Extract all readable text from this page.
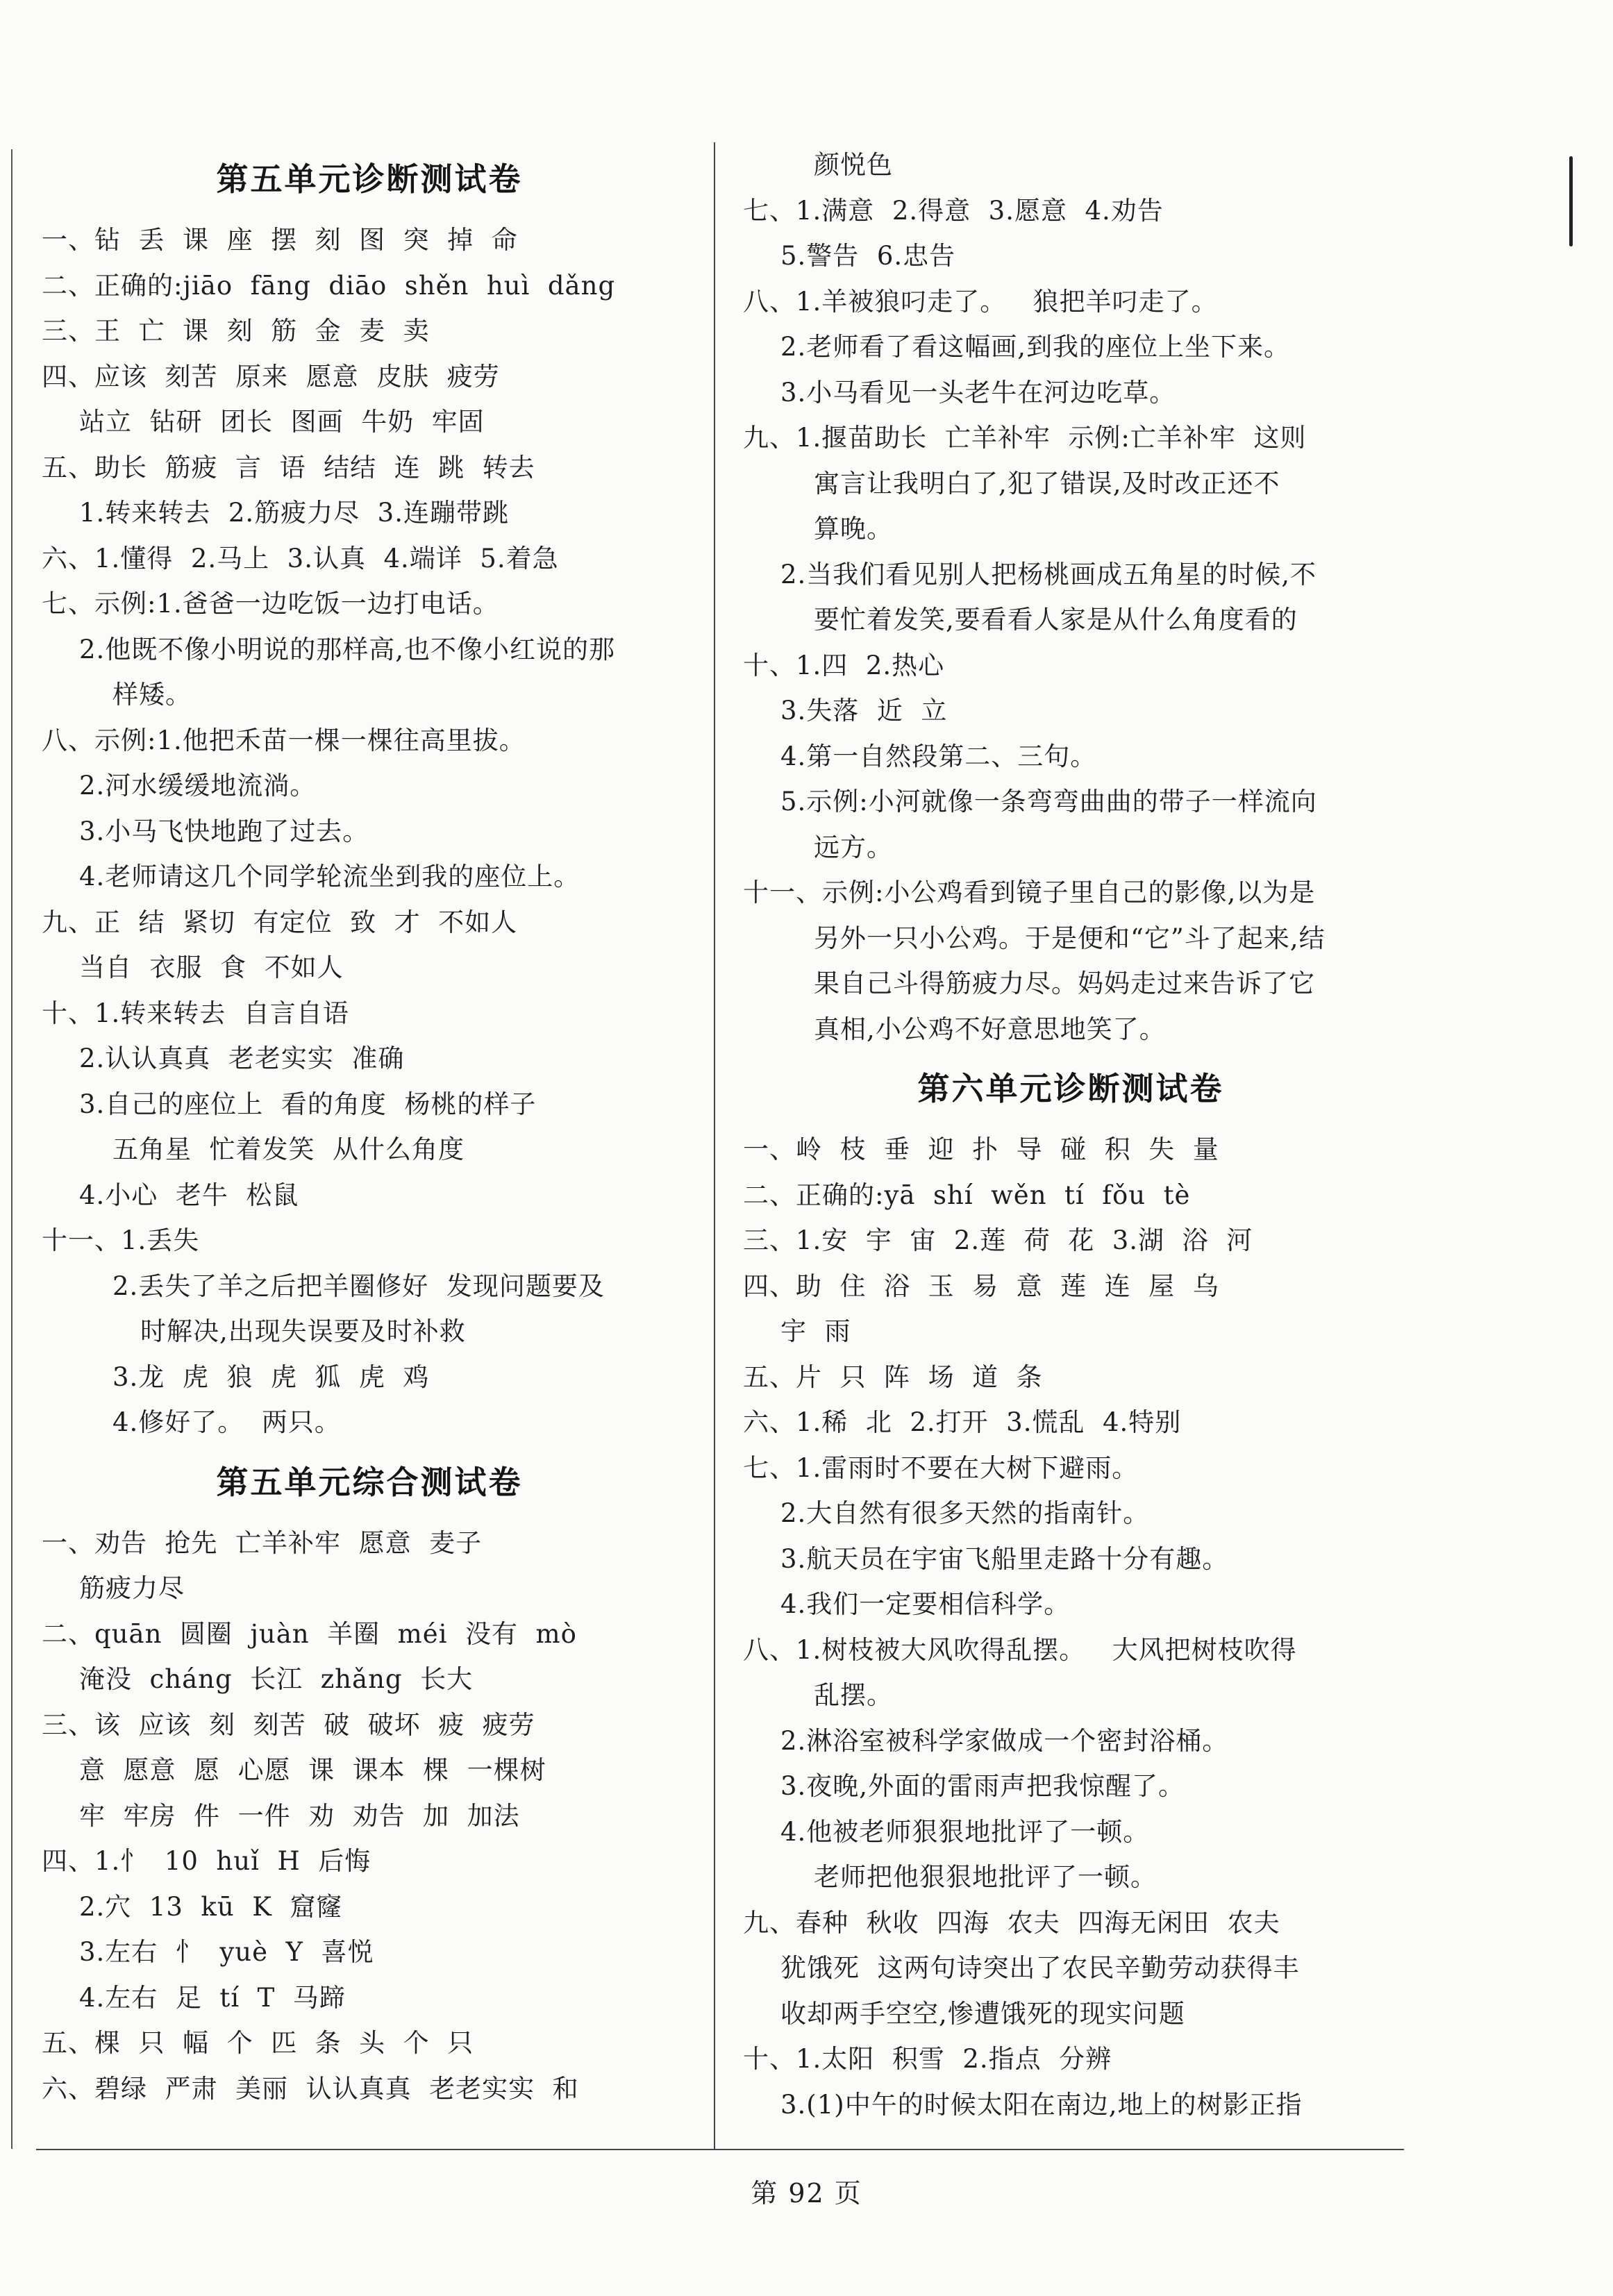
第五单元诊断测试卷
一、钻  丢  课  座  摆  刻  图  突  掉  命
二、正确的:jiāo  fāng  diāo  shěn  huì  dǎng
三、王  亡  课  刻  筋  金  麦  卖
四、应该  刻苦  原来  愿意  皮肤  疲劳
站立  钻研  团长  图画  牛奶  牢固
五、助长  筋疲  言  语  结结  连  跳  转去
1.转来转去  2.筋疲力尽  3.连蹦带跳
六、1.懂得  2.马上  3.认真  4.端详  5.着急
七、示例:1.爸爸一边吃饭一边打电话。
2.他既不像小明说的那样高,也不像小红说的那
样矮。
八、示例:1.他把禾苗一棵一棵往高里拔。
2.河水缓缓地流淌。
3.小马飞快地跑了过去。
4.老师请这几个同学轮流坐到我的座位上。
九、正  结  紧切  有定位  致  才  不如人
当自  衣服  食  不如人
十、1.转来转去  自言自语
2.认认真真  老老实实  准确
3.自己的座位上  看的角度  杨桃的样子
五角星  忙着发笑  从什么角度
4.小心  老牛  松鼠
十一、1.丢失
2.丢失了羊之后把羊圈修好  发现问题要及
时解决,出现失误要及时补救
3.龙  虎  狼  虎  狐  虎  鸡
4.修好了。  两只。
第五单元综合测试卷
一、劝告  抢先  亡羊补牢  愿意  麦子
筋疲力尽
二、quān  圆圈  juàn  羊圈  méi  没有  mò
淹没  cháng  长江  zhǎng  长大
三、该  应该  刻  刻苦  破  破坏  疲  疲劳
意  愿意  愿  心愿  课  课本  棵  一棵树
牢  牢房  件  一件  劝  劝告  加  加法
四、1.忄  10  huǐ  H  后悔
2.穴  13  kū  K  窟窿
3.左右  忄  yuè  Y  喜悦
4.左右  足  tí  T  马蹄
五、棵  只  幅  个  匹  条  头  个  只
六、碧绿  严肃  美丽  认认真真  老老实实  和
颜悦色
七、1.满意  2.得意  3.愿意  4.劝告
5.警告  6.忠告
八、1.羊被狼叼走了。   狼把羊叼走了。
2.老师看了看这幅画,到我的座位上坐下来。
3.小马看见一头老牛在河边吃草。
九、1.揠苗助长  亡羊补牢  示例:亡羊补牢  这则
寓言让我明白了,犯了错误,及时改正还不
算晚。
2.当我们看见别人把杨桃画成五角星的时候,不
要忙着发笑,要看看人家是从什么角度看的
十、1.四  2.热心
3.失落  近  立
4.第一自然段第二、三句。
5.示例:小河就像一条弯弯曲曲的带子一样流向
远方。
十一、示例:小公鸡看到镜子里自己的影像,以为是
另外一只小公鸡。于是便和“它”斗了起来,结
果自己斗得筋疲力尽。妈妈走过来告诉了它
真相,小公鸡不好意思地笑了。
第六单元诊断测试卷
一、岭  枝  垂  迎  扑  导  碰  积  失  量
二、正确的:yā  shí  wěn  tí  fǒu  tè
三、1.安  宇  宙  2.莲  荷  花  3.湖  浴  河
四、助  住  浴  玉  易  意  莲  连  屋  乌
宇  雨
五、片  只  阵  场  道  条
六、1.稀  北  2.打开  3.慌乱  4.特别
七、1.雷雨时不要在大树下避雨。
2.大自然有很多天然的指南针。
3.航天员在宇宙飞船里走路十分有趣。
4.我们一定要相信科学。
八、1.树枝被大风吹得乱摆。   大风把树枝吹得
乱摆。
2.淋浴室被科学家做成一个密封浴桶。
3.夜晚,外面的雷雨声把我惊醒了。
4.他被老师狠狠地批评了一顿。
老师把他狠狠地批评了一顿。
九、春种  秋收  四海  农夫  四海无闲田  农夫
犹饿死  这两句诗突出了农民辛勤劳动获得丰
收却两手空空,惨遭饿死的现实问题
十、1.太阳  积雪  2.指点  分辨
3.(1)中午的时候太阳在南边,地上的树影正指
第 92 页
